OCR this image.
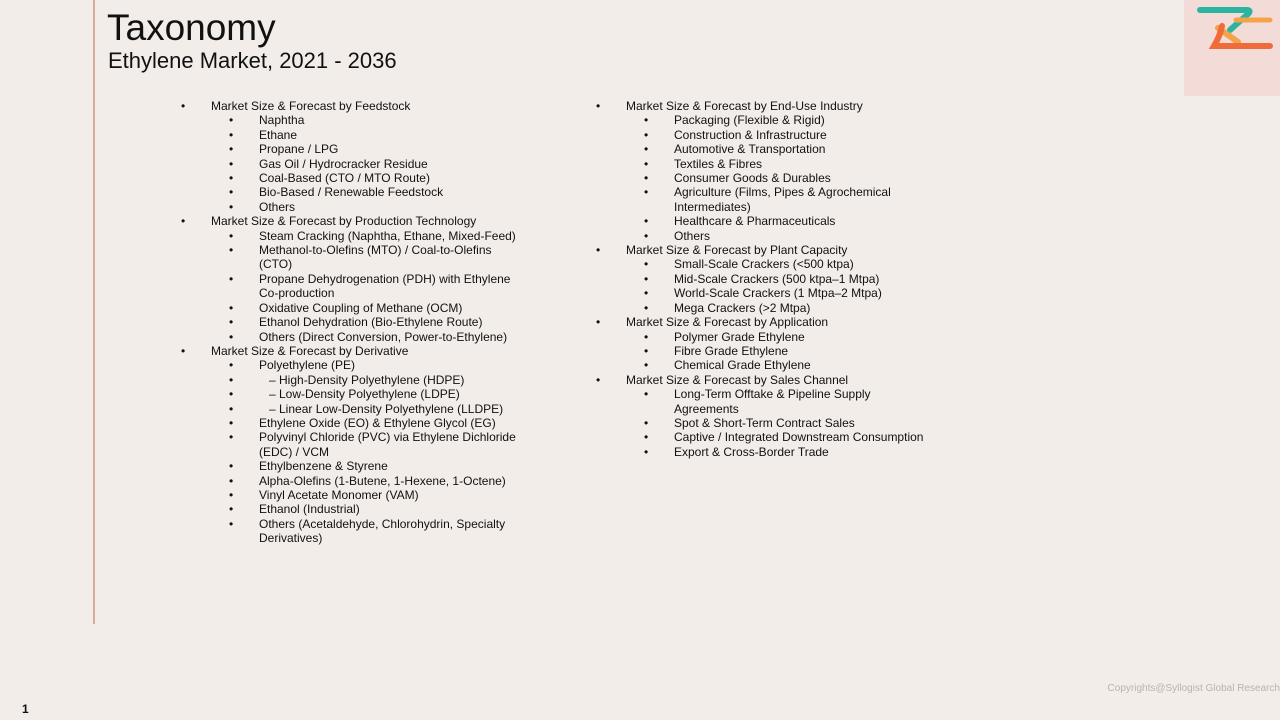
Taxonomy
Ethylene Market, 2021 - 2036
• Market Size & Forecast by Feedstock
• Naphtha
• Ethane
• Propane / LPG
• Gas Oil / Hydrocracker Residue
• Coal-Based (CTO / MTO Route)
• Bio-Based / Renewable Feedstock
• Others
• Market Size & Forecast by Production Technology
• Steam Cracking (Naphtha, Ethane, Mixed-Feed)
• Methanol-to-Olefins (MTO) / Coal-to-Olefins (CTO)
• Propane Dehydrogenation (PDH) with Ethylene Co-production
• Oxidative Coupling of Methane (OCM)
• Ethanol Dehydration (Bio-Ethylene Route)
• Others (Direct Conversion, Power-to-Ethylene)
• Market Size & Forecast by Derivative
• Polyethylene (PE)
• – High-Density Polyethylene (HDPE)
• – Low-Density Polyethylene (LDPE)
• – Linear Low-Density Polyethylene (LLDPE)
• Ethylene Oxide (EO) & Ethylene Glycol (EG)
• Polyvinyl Chloride (PVC) via Ethylene Dichloride (EDC) / VCM
• Ethylbenzene & Styrene
• Alpha-Olefins (1-Butene, 1-Hexene, 1-Octene)
• Vinyl Acetate Monomer (VAM)
• Ethanol (Industrial)
• Others (Acetaldehyde, Chlorohydrin, Specialty Derivatives)
• Market Size & Forecast by End-Use Industry
• Packaging (Flexible & Rigid)
• Construction & Infrastructure
• Automotive & Transportation
• Textiles & Fibres
• Consumer Goods & Durables
• Agriculture (Films, Pipes & Agrochemical Intermediates)
• Healthcare & Pharmaceuticals
• Others
• Market Size & Forecast by Plant Capacity
• Small-Scale Crackers (<500 ktpa)
• Mid-Scale Crackers (500 ktpa–1 Mtpa)
• World-Scale Crackers (1 Mtpa–2 Mtpa)
• Mega Crackers (>2 Mtpa)
• Market Size & Forecast by Application
• Polymer Grade Ethylene
• Fibre Grade Ethylene
• Chemical Grade Ethylene
• Market Size & Forecast by Sales Channel
• Long-Term Offtake & Pipeline Supply Agreements
• Spot & Short-Term Contract Sales
• Captive / Integrated Downstream Consumption
• Export & Cross-Border Trade
Copyrights@Syllogist Global Research
1
